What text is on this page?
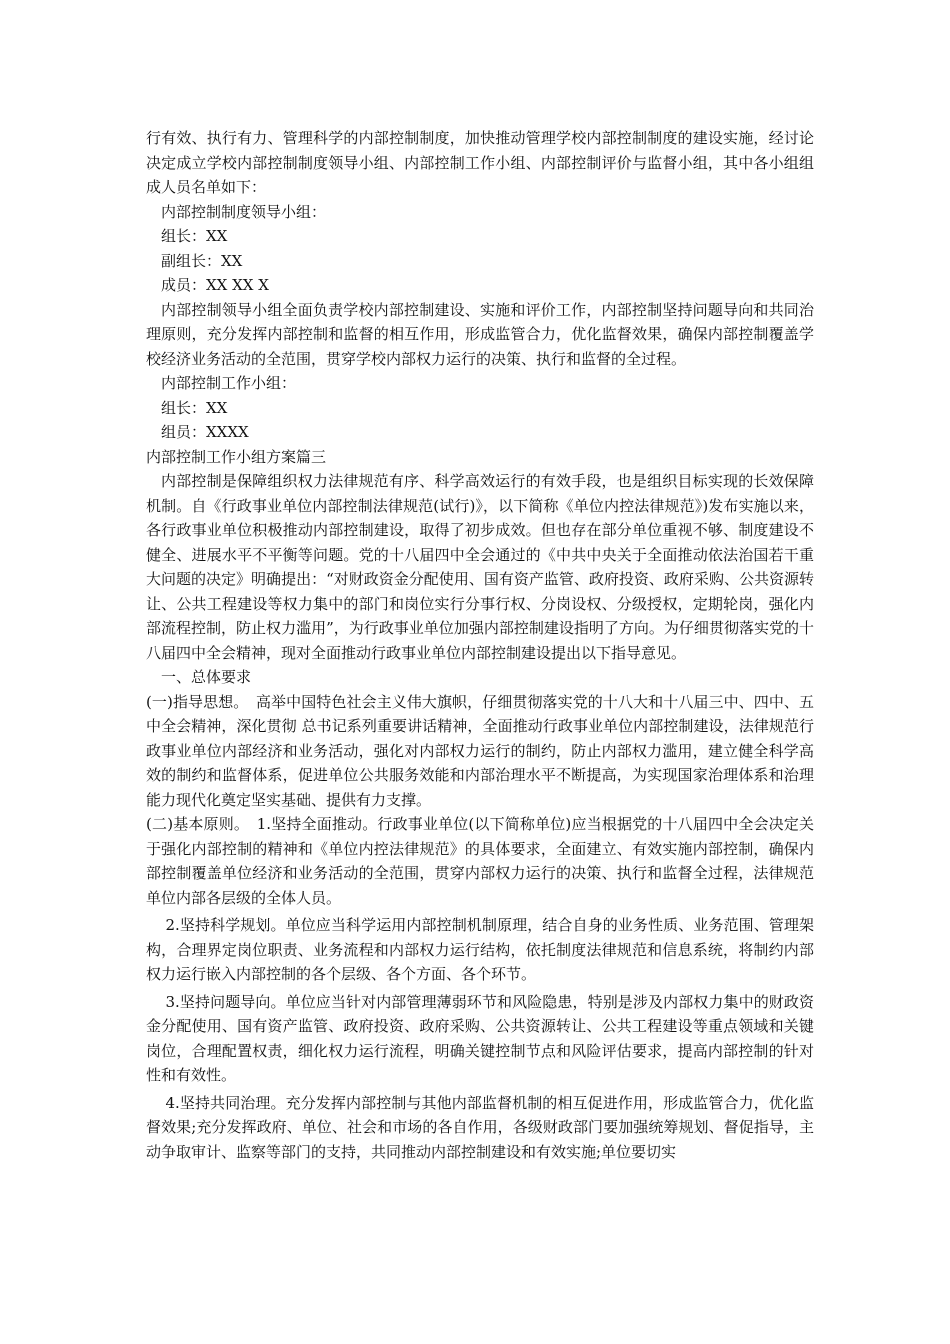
行有效、执行有力、管理科学的内部控制制度，加快推动管理学校内部控制制度的建设实施，经讨论决定成立学校内部控制制度领导小组、内部控制工作小组、内部控制评价与监督小组，其中各小组组成人员名单如下：

内部控制制度领导小组：

组长：XX

副组长：XX

成员：XX XX X

内部控制领导小组全面负责学校内部控制建设、实施和评价工作，内部控制坚持问题导向和共同治理原则，充分发挥内部控制和监督的相互作用，形成监管合力，优化监督效果，确保内部控制覆盖学校经济业务活动的全范围，贯穿学校内部权力运行的决策、执行和监督的全过程。

内部控制工作小组：

组长：XX

组员：XXXX

内部控制工作小组方案篇三

内部控制是保障组织权力法律规范有序、科学高效运行的有效手段，也是组织目标实现的长效保障机制。自《行政事业单位内部控制法律规范(试行)》，以下简称《单位内控法律规范》)发布实施以来，各行政事业单位积极推动内部控制建设，取得了初步成效。但也存在部分单位重视不够、制度建设不健全、进展水平不平衡等问题。党的十八届四中全会通过的《中共中央关于全面推动依法治国若干重大问题的决定》明确提出：“对财政资金分配使用、国有资产监管、政府投资、政府采购、公共资源转让、公共工程建设等权力集中的部门和岗位实行分事行权、分岗设权、分级授权，定期轮岗，强化内部流程控制，防止权力滥用”，为行政事业单位加强内部控制建设指明了方向。为仔细贯彻落实党的十八届四中全会精神，现对全面推动行政事业单位内部控制建设提出以下指导意见。

一、总体要求

(一)指导思想。　高举中国特色社会主义伟大旗帜，仔细贯彻落实党的十八大和十八届三中、四中、五中全会精神，深化贯彻 总书记系列重要讲话精神，全面推动行政事业单位内部控制建设，法律规范行政事业单位内部经济和业务活动，强化对内部权力运行的制约，防止内部权力滥用，建立健全科学高效的制约和监督体系，促进单位公共服务效能和内部治理水平不断提高，为实现国家治理体系和治理能力现代化奠定坚实基础、提供有力支撑。

(二)基本原则。　1.坚持全面推动。行政事业单位(以下简称单位)应当根据党的十八届四中全会决定关于强化内部控制的精神和《单位内控法律规范》的具体要求，全面建立、有效实施内部控制，确保内部控制覆盖单位经济和业务活动的全范围，贯穿内部权力运行的决策、执行和监督全过程，法律规范单位内部各层级的全体人员。

2.坚持科学规划。单位应当科学运用内部控制机制原理，结合自身的业务性质、业务范围、管理架构，合理界定岗位职责、业务流程和内部权力运行结构，依托制度法律规范和信息系统，将制约内部权力运行嵌入内部控制的各个层级、各个方面、各个环节。

3.坚持问题导向。单位应当针对内部管理薄弱环节和风险隐患，特别是涉及内部权力集中的财政资金分配使用、国有资产监管、政府投资、政府采购、公共资源转让、公共工程建设等重点领域和关键岗位，合理配置权责，细化权力运行流程，明确关键控制节点和风险评估要求，提高内部控制的针对性和有效性。

4.坚持共同治理。充分发挥内部控制与其他内部监督机制的相互促进作用，形成监管合力，优化监督效果;充分发挥政府、单位、社会和市场的各自作用，各级财政部门要加强统筹规划、督促指导，主动争取审计、监察等部门的支持，共同推动内部控制建设和有效实施;单位要切实
